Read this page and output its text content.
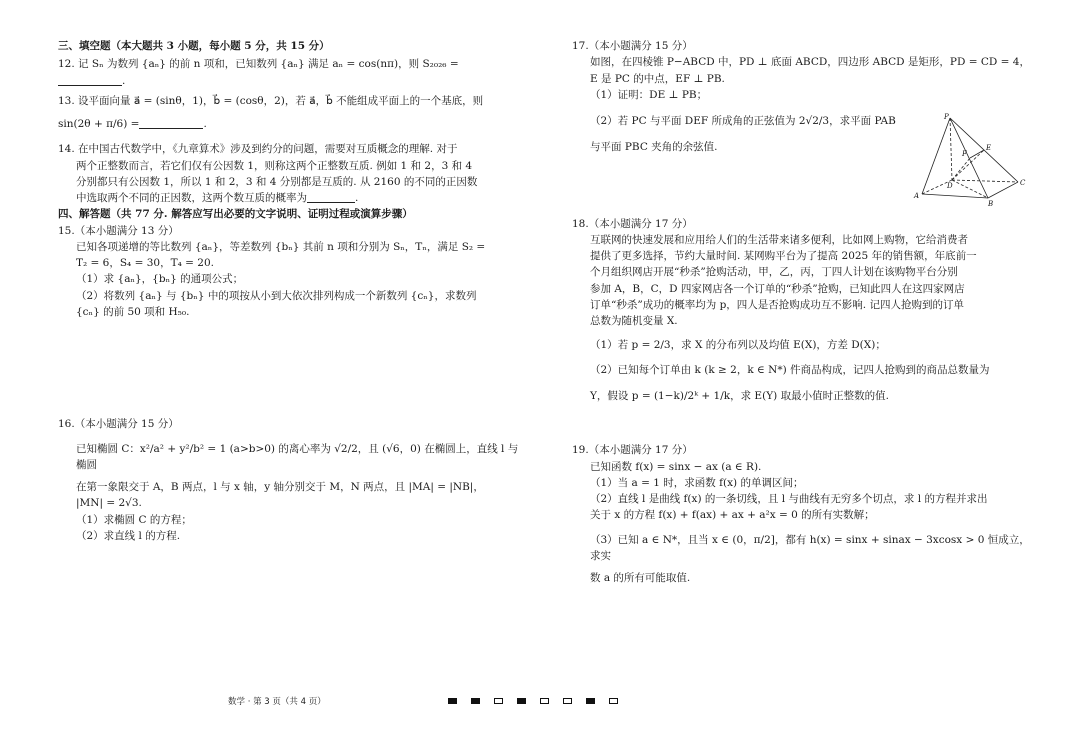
三、填空题（本大题共 3 小题，每小题 5 分，共 15 分）

12. 记 Sₙ 为数列 {aₙ} 的前 n 项和，已知数列 {aₙ} 满足 aₙ = cos(nπ)，则 S₂₀₂₆ =.

13. 设平面向量 a⃗ = (sinθ，1)，b⃗ = (cosθ，2)，若 a⃗，b⃗ 不能组成平面上的一个基底，则

sin(2θ + π/6) =	.

14. 在中国古代数学中，《九章算术》涉及到约分的问题，需要对互质概念的理解. 对于

两个正整数而言，若它们仅有公因数 1，则称这两个正整数互质. 例如 1 和 2，3 和 4

分别都只有公因数 1，所以 1 和 2，3 和 4 分别都是互质的. 从 2160 的不同的正因数

中选取两个不同的正因数，这两个数互质的概率为	.

四、解答题（共 77 分. 解答应写出必要的文字说明、证明过程或演算步骤）

15.（本小题满分 13 分）

已知各项递增的等比数列 {aₙ}，等差数列 {bₙ} 其前 n 项和分别为 Sₙ，Tₙ，满足 S₂ =

T₂ = 6，S₄ = 30，T₄ = 20.

（1）求 {aₙ}，{bₙ} 的通项公式；

（2）将数列 {aₙ} 与 {bₙ} 中的项按从小到大依次排列构成一个新数列 {cₙ}，求数列

{cₙ} 的前 50 项和 H₅₀.

16.（本小题满分 15 分）

已知椭圆 C：x²/a² + y²/b² = 1 (a>b>0) 的离心率为 √2/2，且 (√6，0) 在椭圆上，直线 l 与椭圆

在第一象限交于 A，B 两点，l 与 x 轴，y 轴分别交于 M，N 两点，且 |MA| = |NB|，

|MN| = 2√3.

（1）求椭圆 C 的方程；

（2）求直线 l 的方程.

17.（本小题满分 15 分）

如图，在四棱锥 P−ABCD 中，PD ⊥ 底面 ABCD，四边形 ABCD 是矩形，PD = CD = 4，

E 是 PC 的中点，EF ⊥ PB.

（1）证明：DE ⊥ PB；

（2）若 PC 与平面 DEF 所成角的正弦值为 2√2/3，求平面 PAB

与平面 PBC 夹角的余弦值.

18.（本小题满分 17 分）

互联网的快速发展和应用给人们的生活带来诸多便利，比如网上购物，它给消费者

提供了更多选择，节约大量时间. 某网购平台为了提高 2025 年的销售额，年底前一

个月组织网店开展“秒杀”抢购活动，甲，乙，丙，丁四人计划在该购物平台分别

参加 A，B，C，D 四家网店各一个订单的“秒杀”抢购，已知此四人在这四家网店

订单“秒杀”成功的概率均为 p，四人是否抢购成功互不影响. 记四人抢购到的订单

总数为随机变量 X.

（1）若 p = 2/3，求 X 的分布列以及均值 E(X)，方差 D(X)；

（2）已知每个订单由 k (k ≥ 2，k ∈ N*) 件商品构成，记四人抢购到的商品总数量为

Y，假设 p = (1−k)/2ᵏ + 1/k，求 E(Y) 取最小值时正整数的值.

19.（本小题满分 17 分）

已知函数 f(x) = sinx − ax (a ∈ R).

（1）当 a = 1 时，求函数 f(x) 的单调区间；

（2）直线 l 是曲线 f(x) 的一条切线，且 l 与曲线有无穷多个切点，求 l 的方程并求出

关于 x 的方程 f(x) + f(ax) + ax + a²x = 0 的所有实数解；

（3）已知 a ∈ N*，且当 x ∈ (0，π/2]，都有 h(x) = sinx + sinax − 3xcosx > 0 恒成立，求实

数 a 的所有可能取值.

P
F
E
D	C
A
B
数学 · 第 3 页（共 4 页）
